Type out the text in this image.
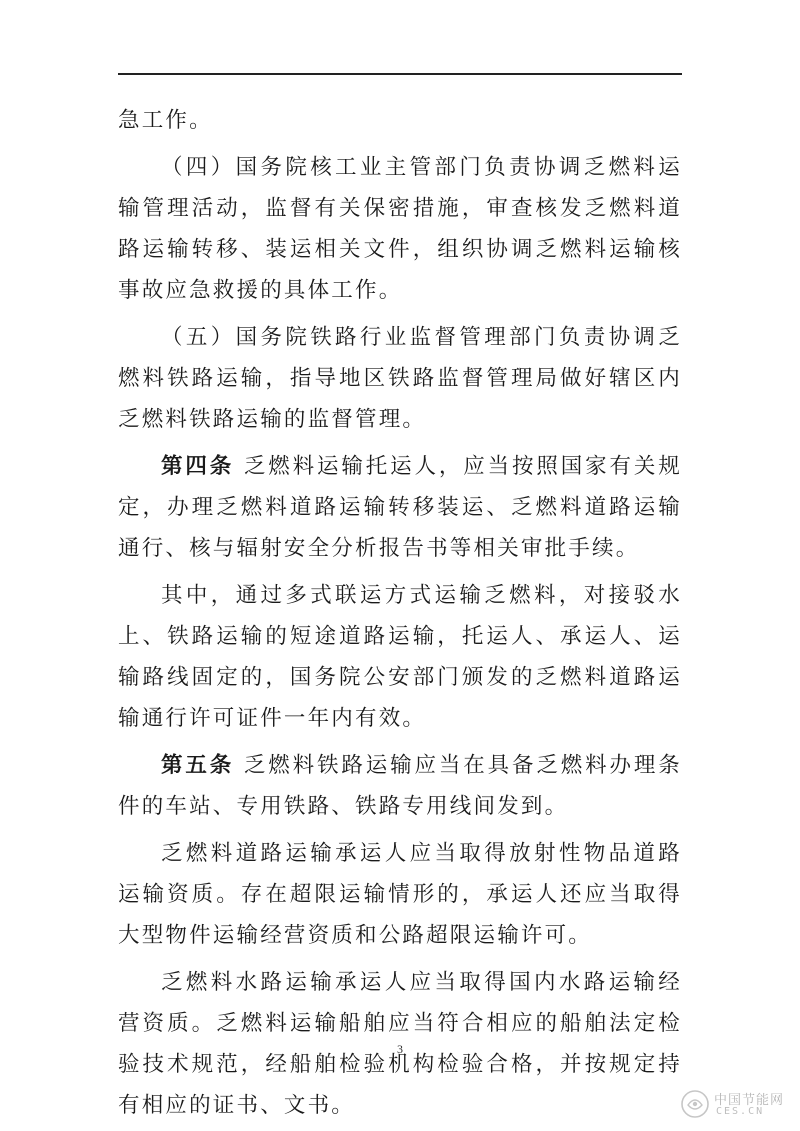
急工作。

（四）国务院核工业主管部门负责协调乏燃料运输管理活动，监督有关保密措施，审查核发乏燃料道路运输转移、装运相关文件，组织协调乏燃料运输核事故应急救援的具体工作。

（五）国务院铁路行业监督管理部门负责协调乏燃料铁路运输，指导地区铁路监督管理局做好辖区内乏燃料铁路运输的监督管理。

第四条 乏燃料运输托运人，应当按照国家有关规定，办理乏燃料道路运输转移装运、乏燃料道路运输通行、核与辐射安全分析报告书等相关审批手续。

其中，通过多式联运方式运输乏燃料，对接驳水上、铁路运输的短途道路运输，托运人、承运人、运输路线固定的，国务院公安部门颁发的乏燃料道路运输通行许可证件一年内有效。

第五条 乏燃料铁路运输应当在具备乏燃料办理条件的车站、专用铁路、铁路专用线间发到。

乏燃料道路运输承运人应当取得放射性物品道路运输资质。存在超限运输情形的，承运人还应当取得大型物件运输经营资质和公路超限运输许可。

乏燃料水路运输承运人应当取得国内水路运输经营资质。乏燃料运输船舶应当符合相应的船舶法定检验技术规范，经船舶检验机构检验合格，并按规定持有相应的证书、文书。

3
中国节能网
CES.CN
